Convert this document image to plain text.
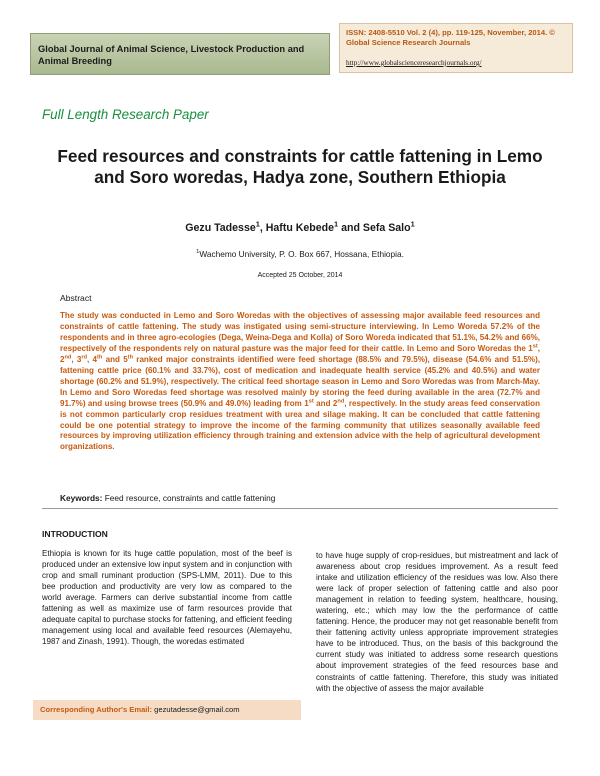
Global Journal of Animal Science, Livestock Production and Animal Breeding
ISSN: 2408-5510 Vol. 2 (4), pp. 119-125, November, 2014. © Global Science Research Journals
http://www.globalscienceresearchjournals.org/
Full Length Research Paper
Feed resources and constraints for cattle fattening in Lemo and Soro woredas, Hadya zone, Southern Ethiopia
Gezu Tadesse$^1$, Haftu Kebede$^1$ and Sefa Salo$^1$
$^1$Wachemo University, P. O. Box 667, Hossana, Ethiopia.
Accepted 25 October, 2014
Abstract
The study was conducted in Lemo and Soro Woredas with the objectives of assessing major available feed resources and constraints of cattle fattening. The study was instigated using semi-structure interviewing. In Lemo Woreda 57.2% of the respondents and in three agro-ecologies (Dega, Weina-Dega and Kolla) of Soro Woreda indicated that 51.1%, 54.2% and 66%, respectively of the respondents rely on natural pasture was the major feed for their cattle. In Lemo and Soro Woredas the 1st, 2nd, 3rd, 4th and 5th ranked major constraints identified were feed shortage (88.5% and 79.5%), disease (54.6% and 51.5%), fattening cattle price (60.1% and 33.7%), cost of medication and inadequate health service (45.2% and 40.5%) and water shortage (60.2% and 51.9%), respectively. The critical feed shortage season in Lemo and Soro Woredas was from March-May. In Lemo and Soro Woredas feed shortage was resolved mainly by storing the feed during available in the area (72.7% and 91.7%) and using browse trees (50.9% and 49.0%) leading from 1st and 2nd, respectively. In the study areas feed conservation is not common particularly crop residues treatment with urea and silage making. It can be concluded that cattle fattening could be one potential strategy to improve the income of the farming community that utilizes seasonally available feed resources by improving utilization efficiency through training and extension advice with the help of agricultural development organizations.
Keywords: Feed resource, constraints and cattle fattening
INTRODUCTION
Ethiopia is known for its huge cattle population, most of the beef is produced under an extensive low input system and in conjunction with crop and small ruminant production (SPS-LMM, 2011). Due to this bee production and productivity are very low as compared to the world average. Farmers can derive substantial income from cattle fattening as well as maximize use of farm resources provide that adequate capital to purchase stocks for fattening, and efficient feeding management using local and available feed resources (Alemayehu, 1987 and Zinash, 1991). Though, the woredas estimated
to have huge supply of crop-residues, but mistreatment and lack of awareness about crop residues improvement. As a result feed intake and utilization efficiency of the residues was low. Also there were lack of proper selection of fattening cattle and also poor management in relation to feeding system, healthcare, housing, watering, etc.; which may low the the performance of cattle fattening. Hence, the producer may not get reasonable benefit from their fattening activity unless appropriate improvement strategies have to be introduced. Thus, on the basis of this background the current study was initiated to address some research questions about improvement strategies of the feed resources base and constraints of cattle fattening. Therefore, this study was initiated with the objective of assess the major available
Corresponding Author's Email: gezutadesse@gmail.com
